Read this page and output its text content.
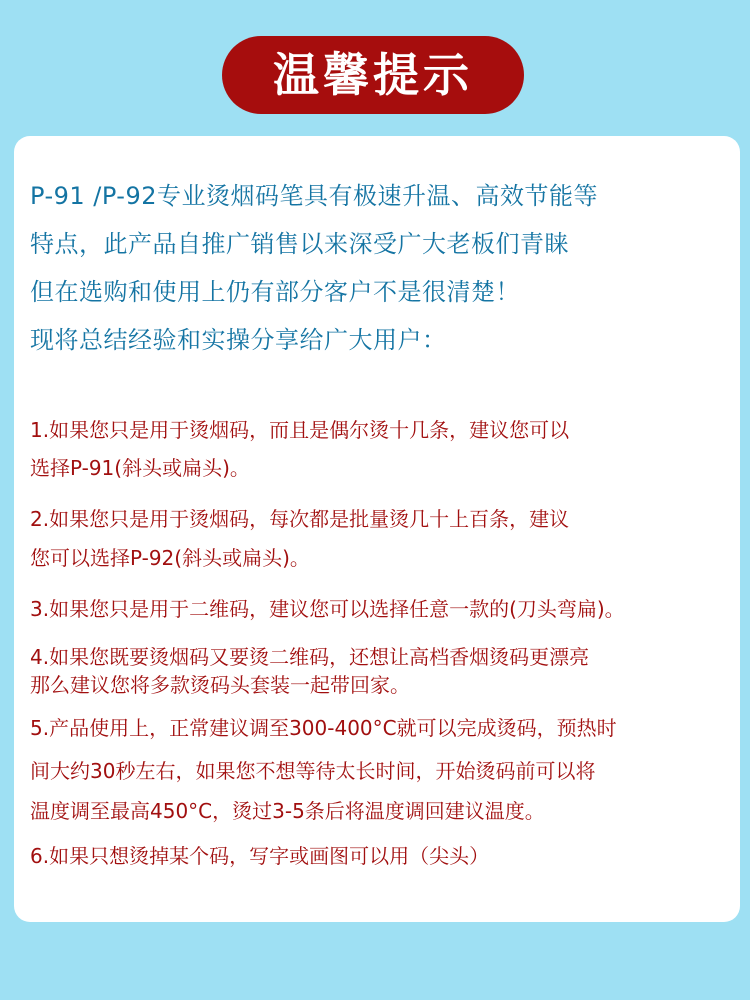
温馨提示
P-91 /P-92专业烫烟码笔具有极速升温、高效节能等
特点，此产品自推广销售以来深受广大老板们青睐
但在选购和使用上仍有部分客户不是很清楚！
现将总结经验和实操分享给广大用户：
1.如果您只是用于烫烟码，而且是偶尔烫十几条，建议您可以
选择P-91(斜头或扁头)。
2.如果您只是用于烫烟码，每次都是批量烫几十上百条，建议
您可以选择P-92(斜头或扁头)。
3.如果您只是用于二维码，建议您可以选择任意一款的(刀头弯扁)。
4.如果您既要烫烟码又要烫二维码，还想让高档香烟烫码更漂亮
那么建议您将多款烫码头套装一起带回家。
5.产品使用上，正常建议调至300-400°C就可以完成烫码，预热时
间大约30秒左右，如果您不想等待太长时间，开始烫码前可以将
温度调至最高450°C，烫过3-5条后将温度调回建议温度。
6.如果只想烫掉某个码，写字或画图可以用（尖头）
